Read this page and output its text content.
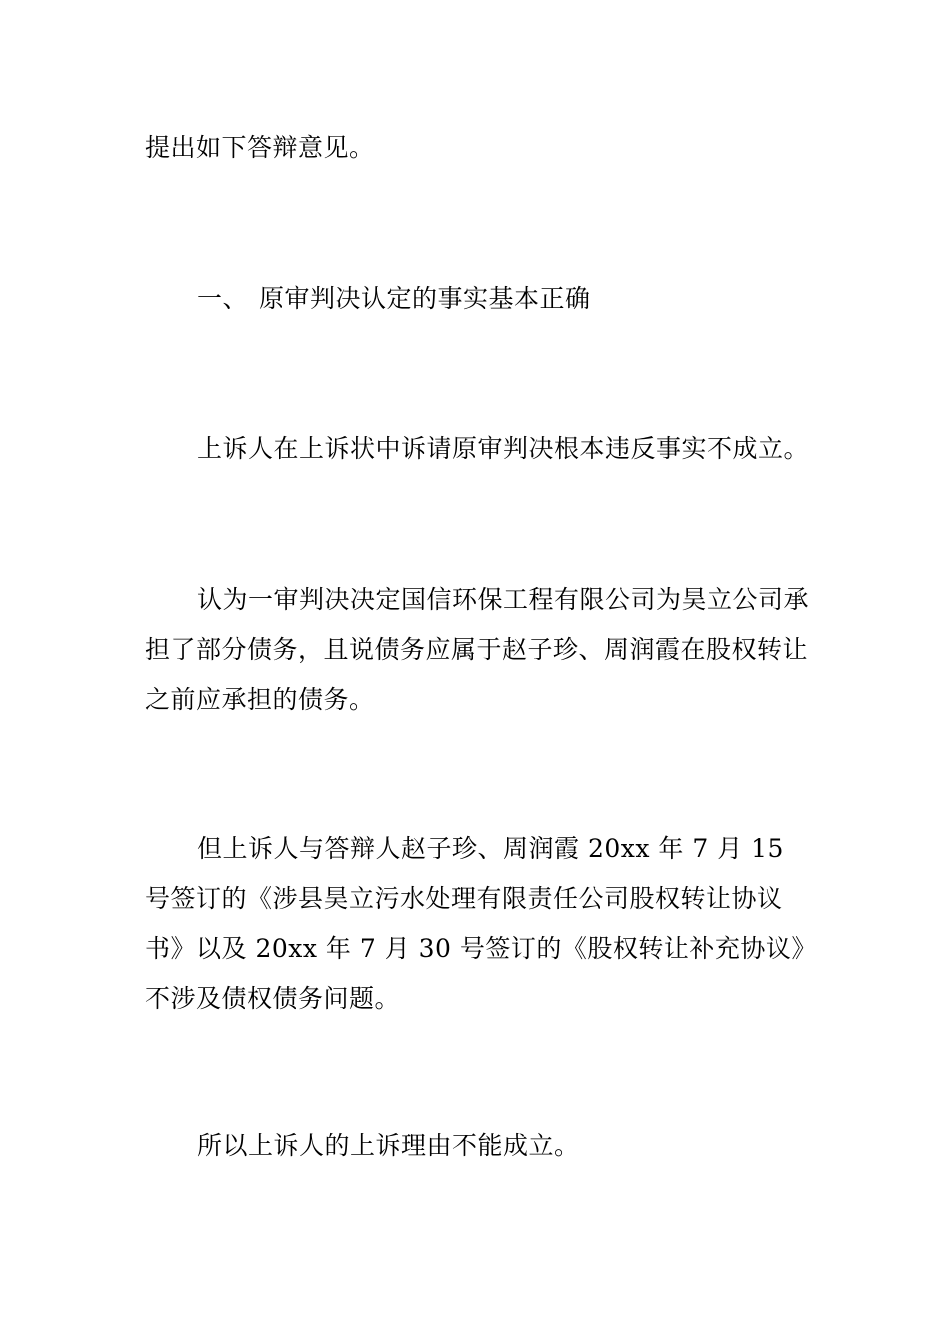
提出如下答辩意见。

一、 原审判决认定的事实基本正确

上诉人在上诉状中诉请原审判决根本违反事实不成立。

认为一审判决决定国信环保工程有限公司为昊立公司承担了部分债务，且说债务应属于赵子珍、周润霞在股权转让之前应承担的债务。

但上诉人与答辩人赵子珍、周润霞 20xx 年 7 月 15 号签订的《涉县昊立污水处理有限责任公司股权转让协议书》以及 20xx 年 7 月 30 号签订的《股权转让补充协议》不涉及债权债务问题。

所以上诉人的上诉理由不能成立。
